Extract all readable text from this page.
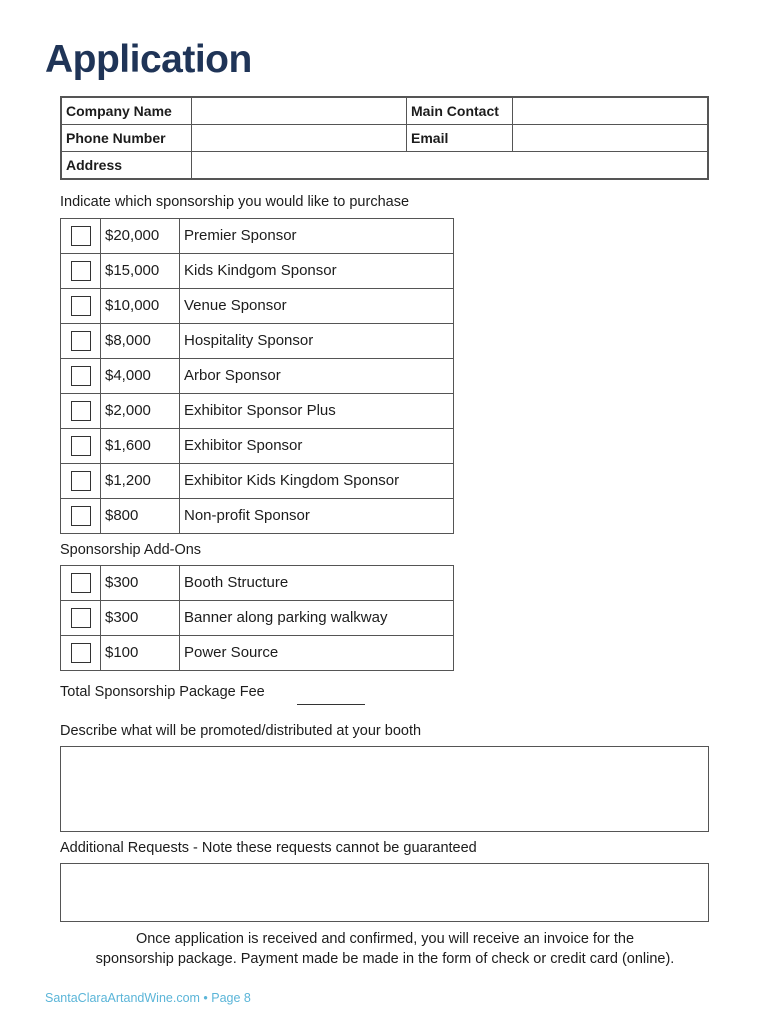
Application
Company Name	Main Contact
Phone Number	Email
Address
Indicate which sponsorship you would like to purchase
$20,000	Premier Sponsor
$15,000	Kids Kindgom Sponsor
$10,000	Venue Sponsor
$8,000	Hospitality Sponsor
$4,000	Arbor Sponsor
$2,000	Exhibitor Sponsor Plus
$1,600	Exhibitor Sponsor
$1,200	Exhibitor Kids Kingdom Sponsor
$800	Non-profit Sponsor
Sponsorship Add-Ons
$300	Booth Structure
$300	Banner along parking walkway
$100	Power Source
Total Sponsorship Package Fee
Describe what will be promoted/distributed at your booth
Additional Requests - Note these requests cannot be guaranteed
Once application is received and confirmed, you will receive an invoice for the
sponsorship package. Payment made be made in the form of check or credit card (online).
SantaClaraArtandWine.com • Page 8
